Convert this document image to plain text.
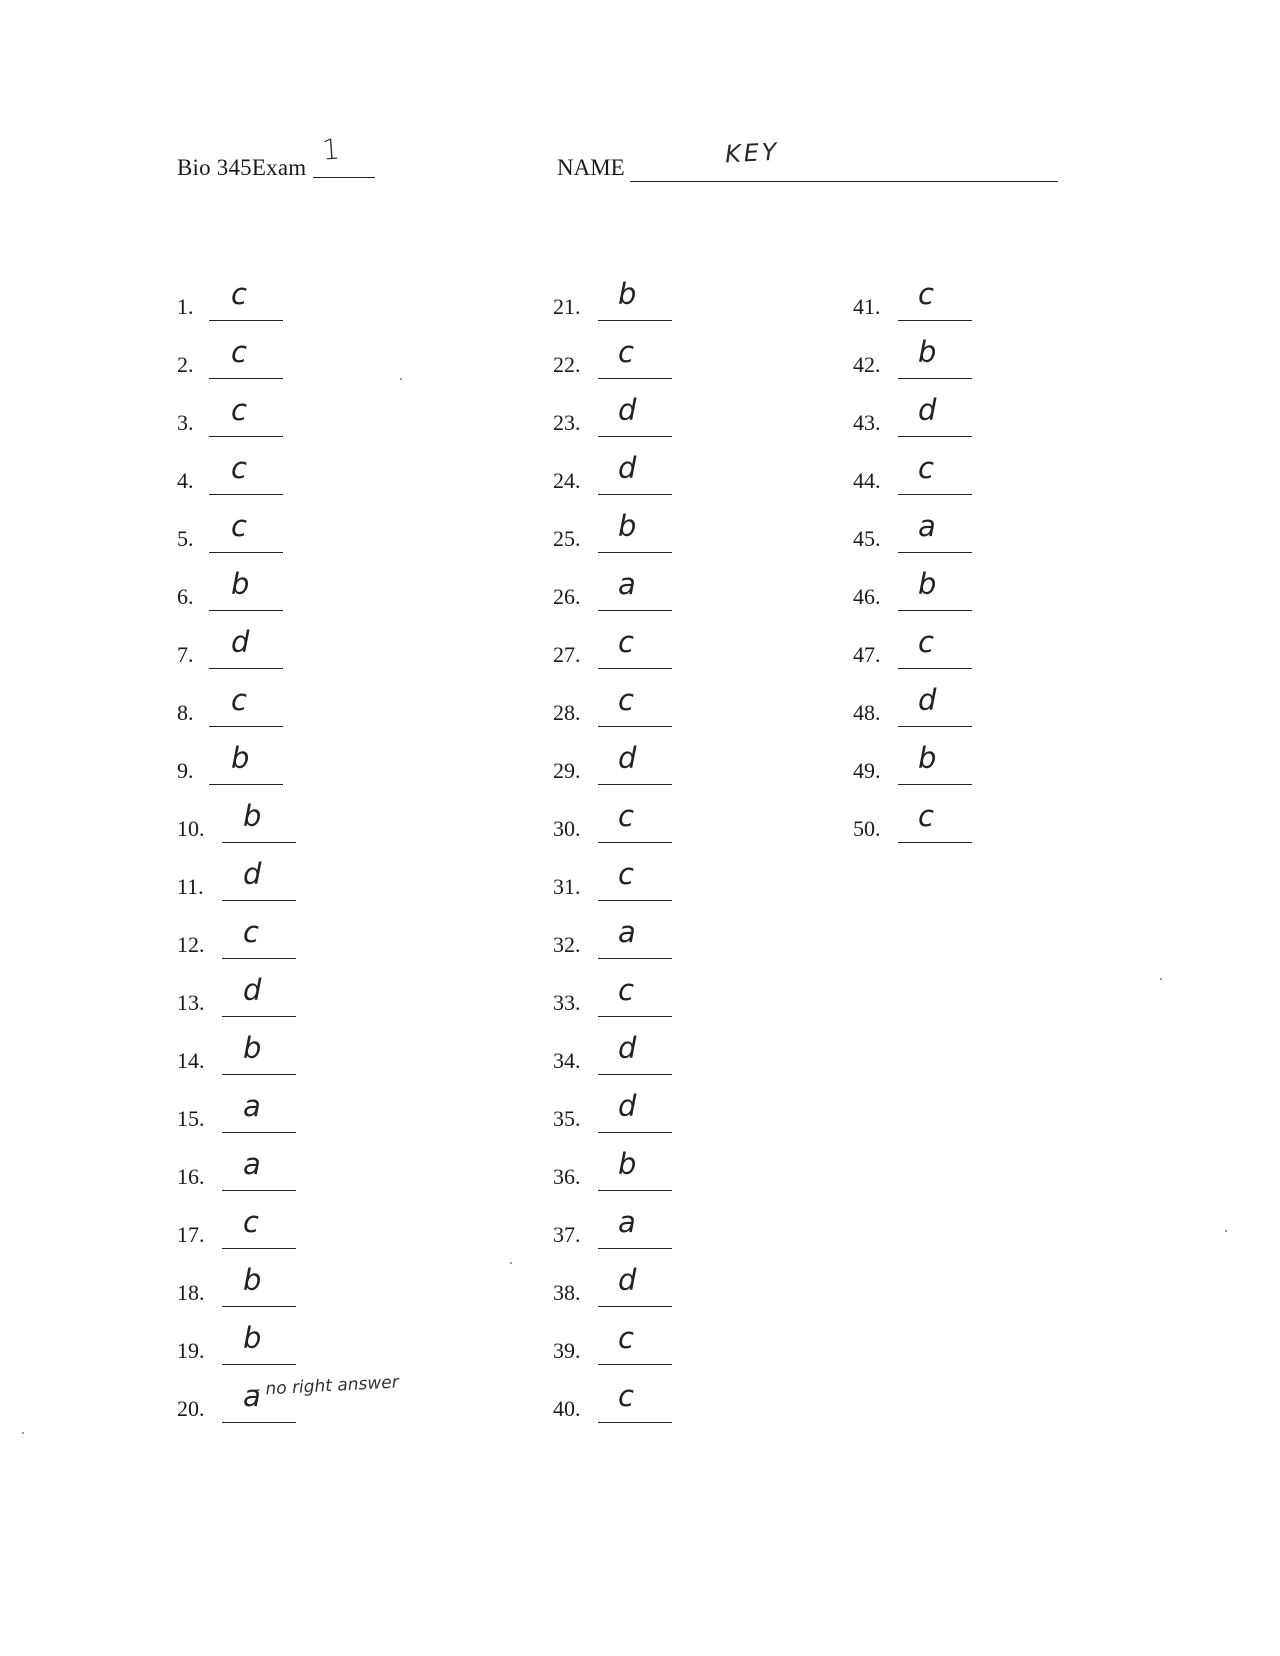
Bio 345Exam
1
NAME	KEY
1. c
2. c
3. c
4. c
5. c
6. b
7. d
8. c
9. b
10. b
11. d
12. c
13. d
14. b
15. a
16. a
17. c
18. b
19. b
20. a
- no right answer
21. b
22. c
23. d
24. d
25. b
26. a
27. c
28. c
29. d
30. c
31. c
32. a
33. c
34. d
35. d
36. b
37. a
38. d
39. c
40. c
41. c
42. b
43. d
44. c
45. a
46. b
47. c
48. d
49. b
50. c
